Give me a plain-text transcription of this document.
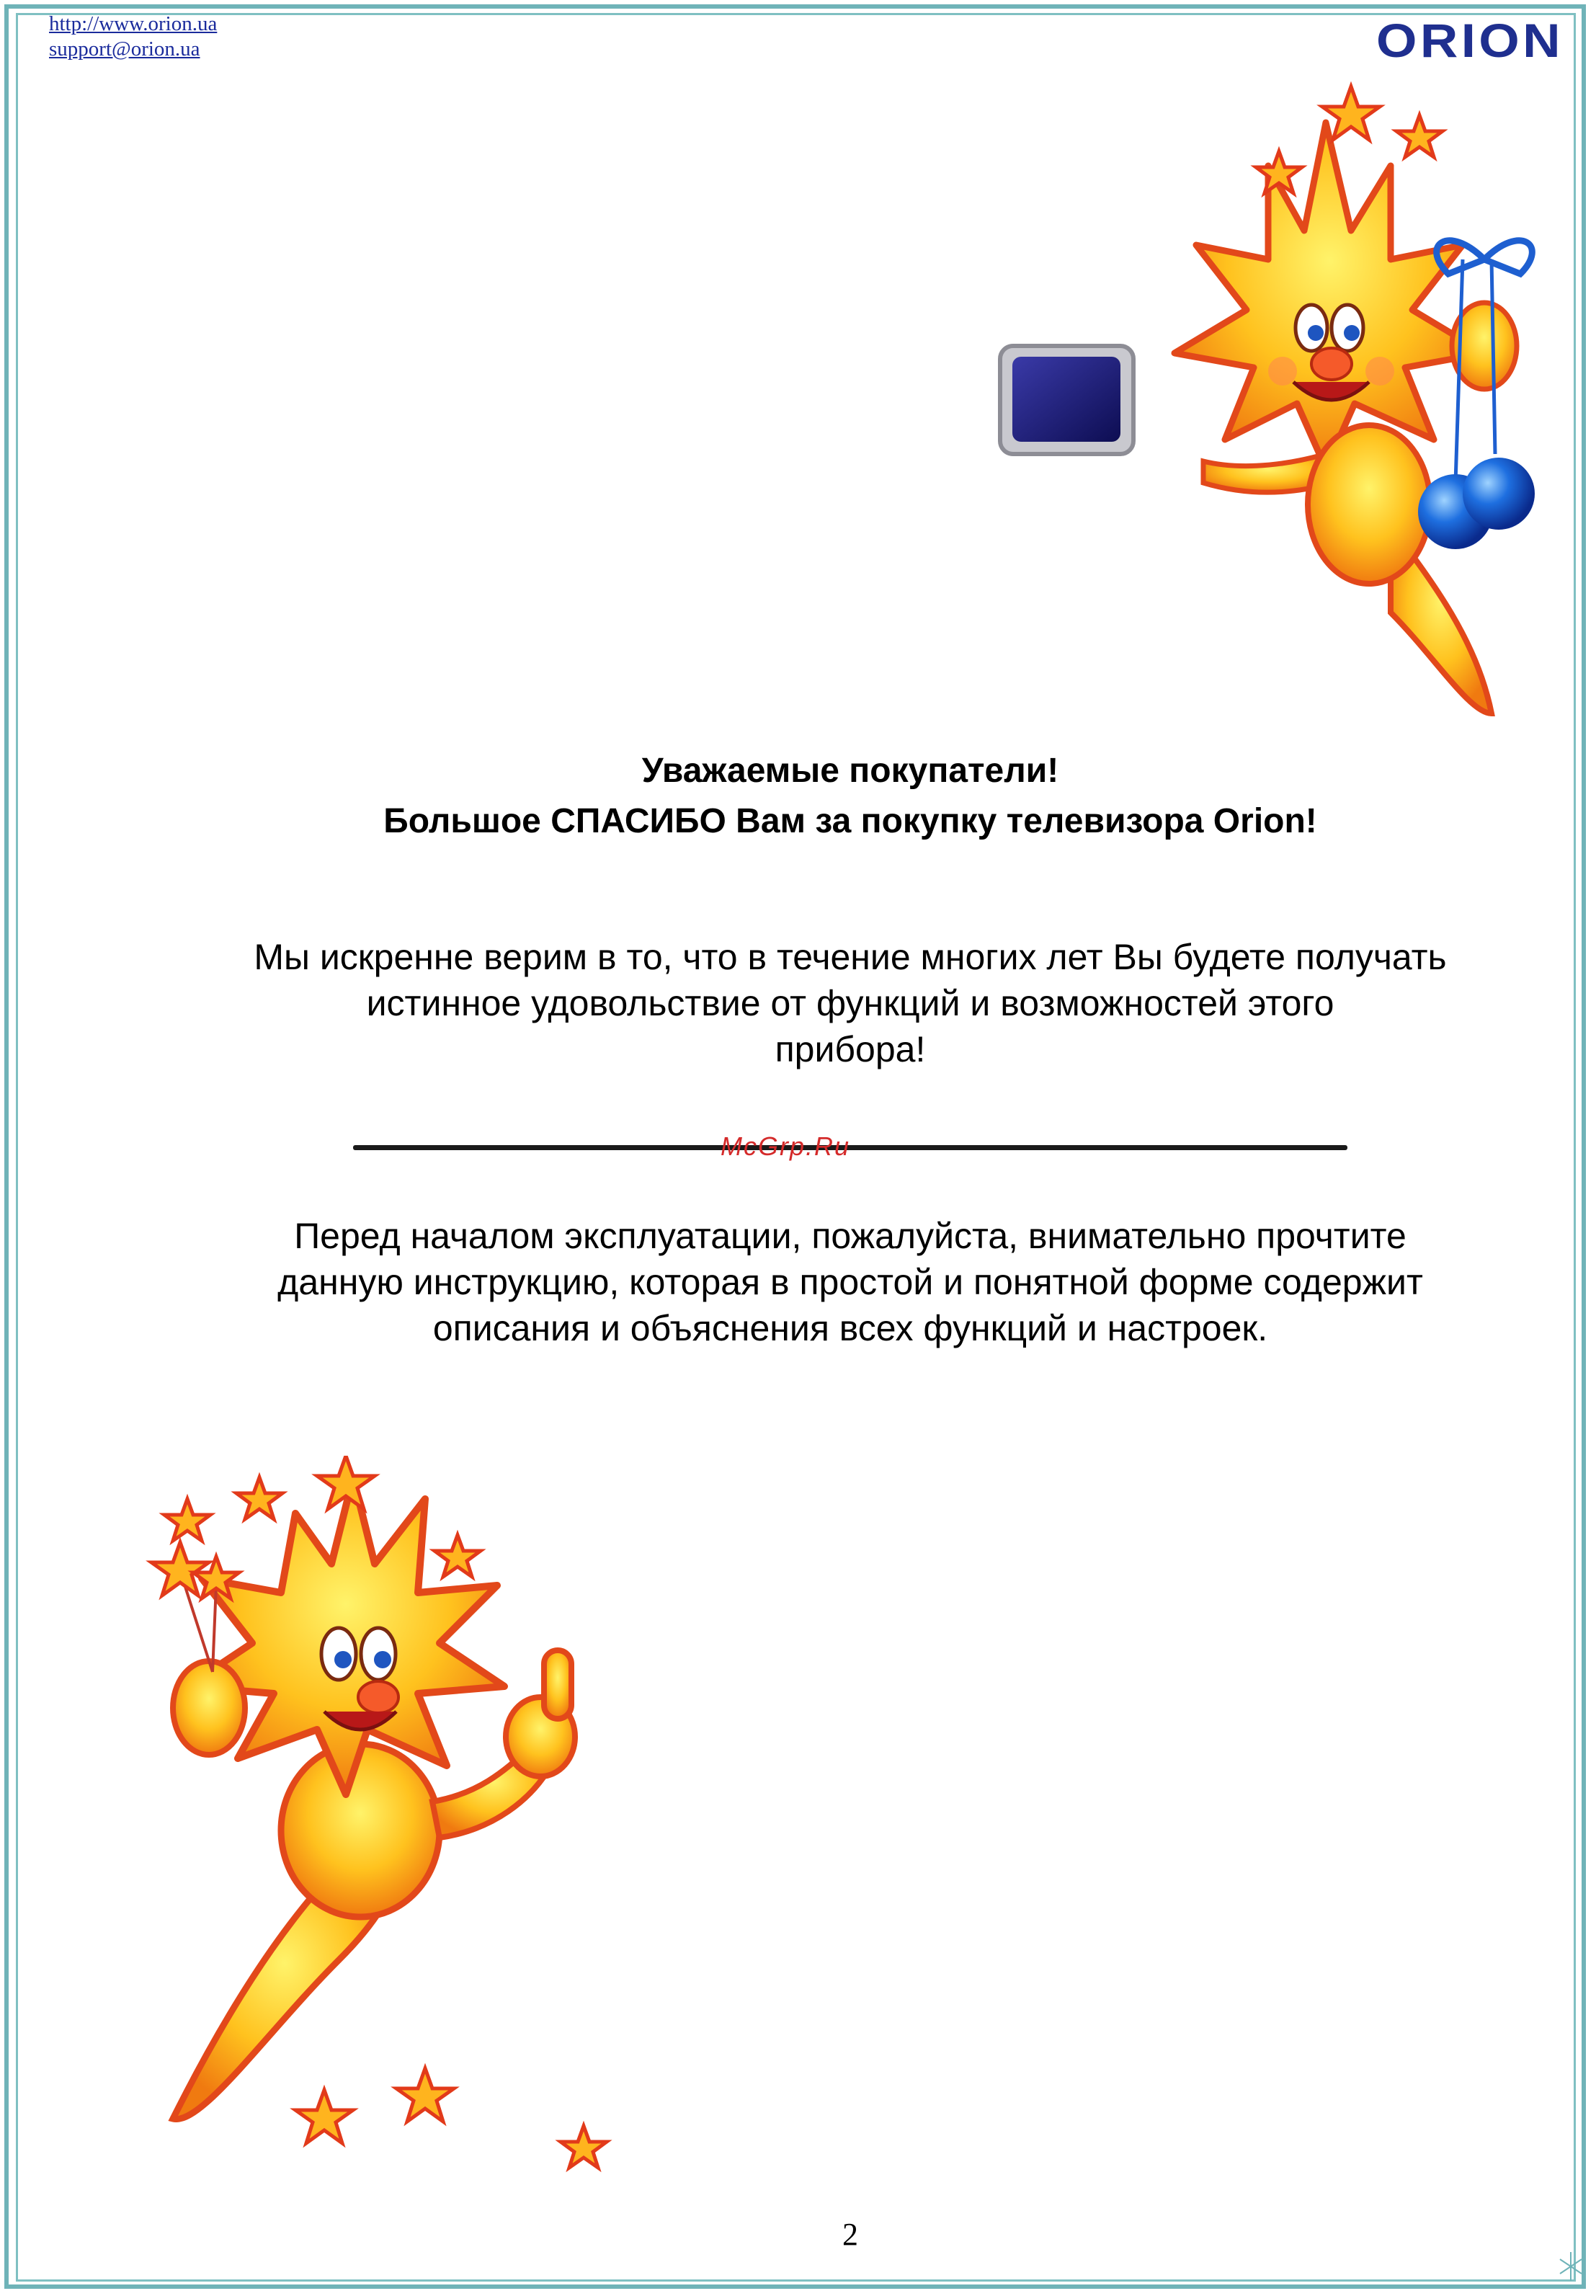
http://www.orion.ua
support@orion.ua	ORION
Уважаемые покупатели!
Большое СПАСИБО Вам за покупку телевизора Orion!
Мы искренне верим в то, что в течение многих лет Вы будете получать
истинное удовольствие от функций и возможностей этого
прибора!
McGrp.Ru
Перед началом эксплуатации, пожалуйста, внимательно прочтите
данную инструкцию, которая в простой и понятной форме содержит
описания и объяснения всех функций и настроек.
2
